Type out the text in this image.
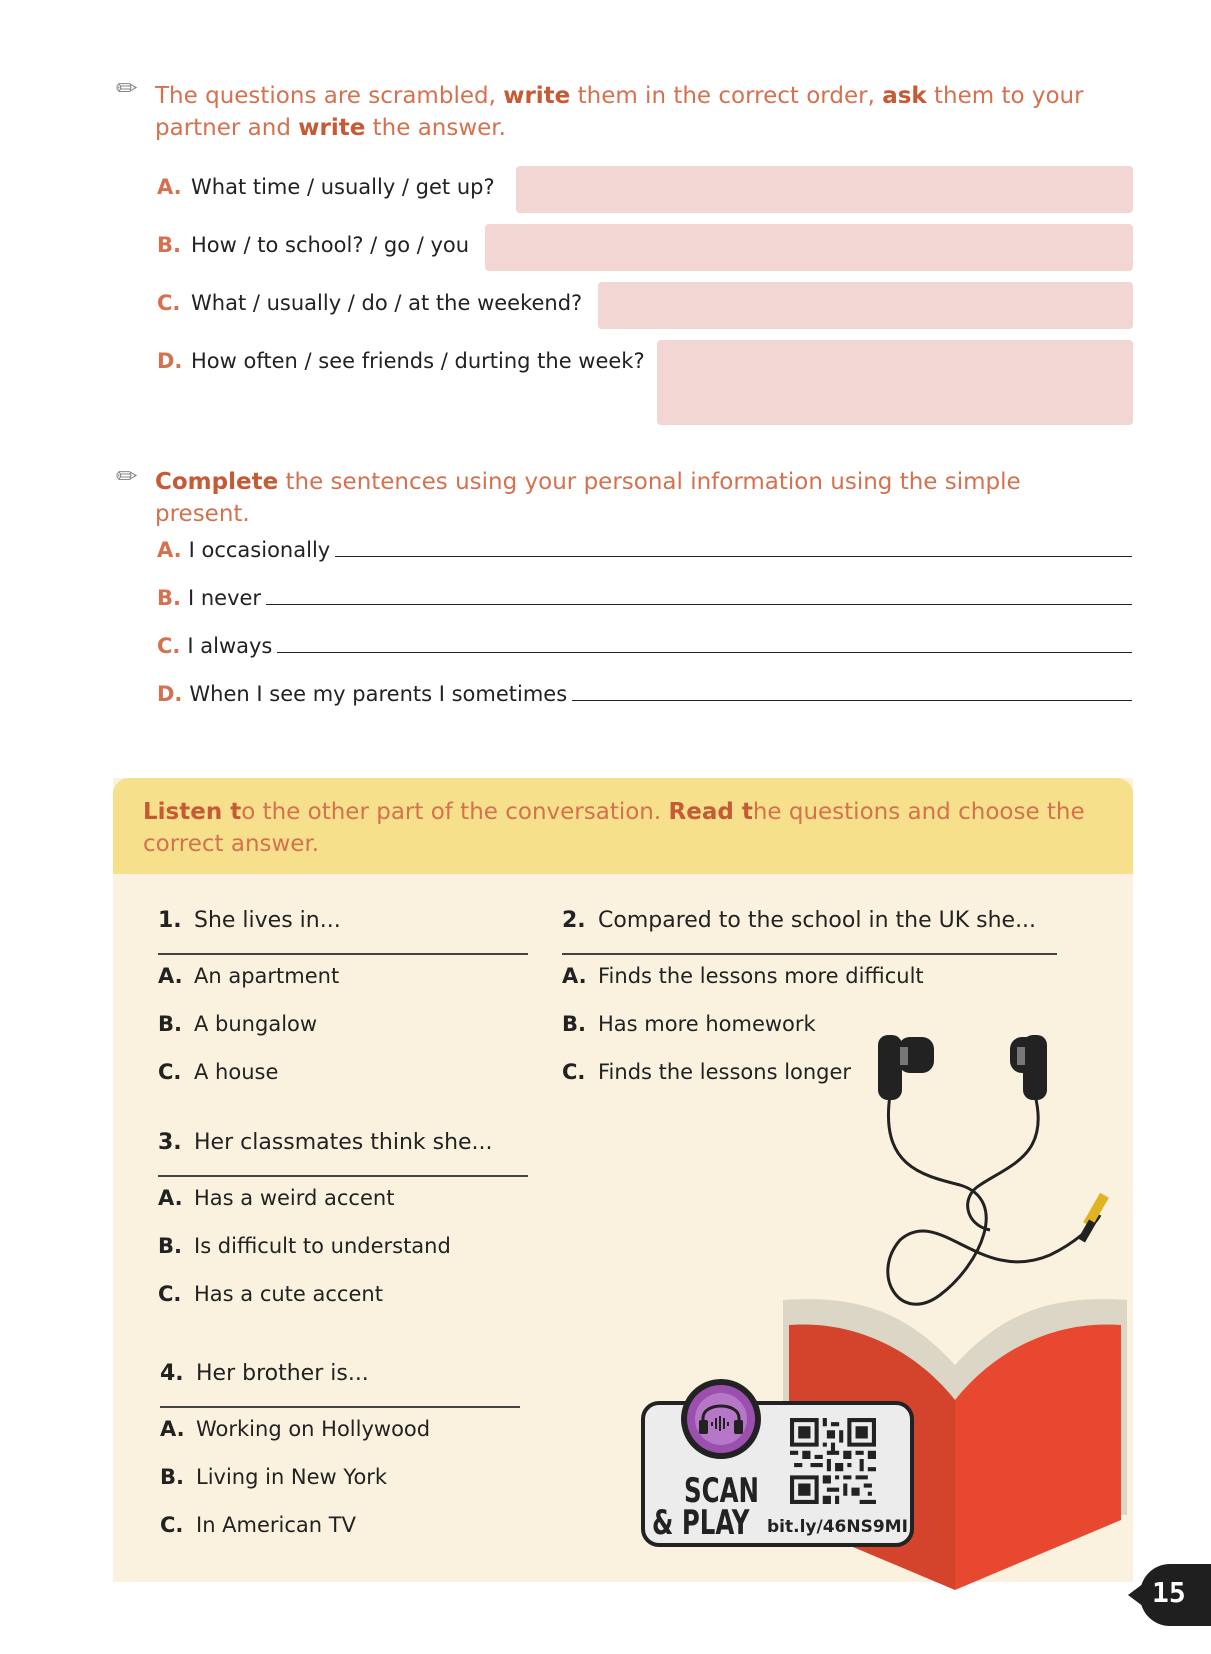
✏ The questions are scrambled, write them in the correct order, ask them to your partner and write the answer.
A. What time / usually / get up?
B. How / to school? / go / you
C. What / usually / do / at the weekend?
D. How often / see friends / durting the week?
✏ Complete the sentences using your personal information using the simple present.
A. I occasionally
B. I never
C. I always
D. When I see my parents I sometimes
Listen to the other part of the conversation. Read the questions and choose the correct answer.
1. She lives in...
A. An apartment
B. A bungalow
C. A house
2. Compared to the school in the UK she...
A. Finds the lessons more difficult
B. Has more homework
C. Finds the lessons longer
3. Her classmates think she...
A. Has a weird accent
B. Is difficult to understand
C. Has a cute accent
4. Her brother is...
A. Working on Hollywood
B. Living in New York
C. In American TV
SCAN
& PLAY bit.ly/46NS9MI
15
